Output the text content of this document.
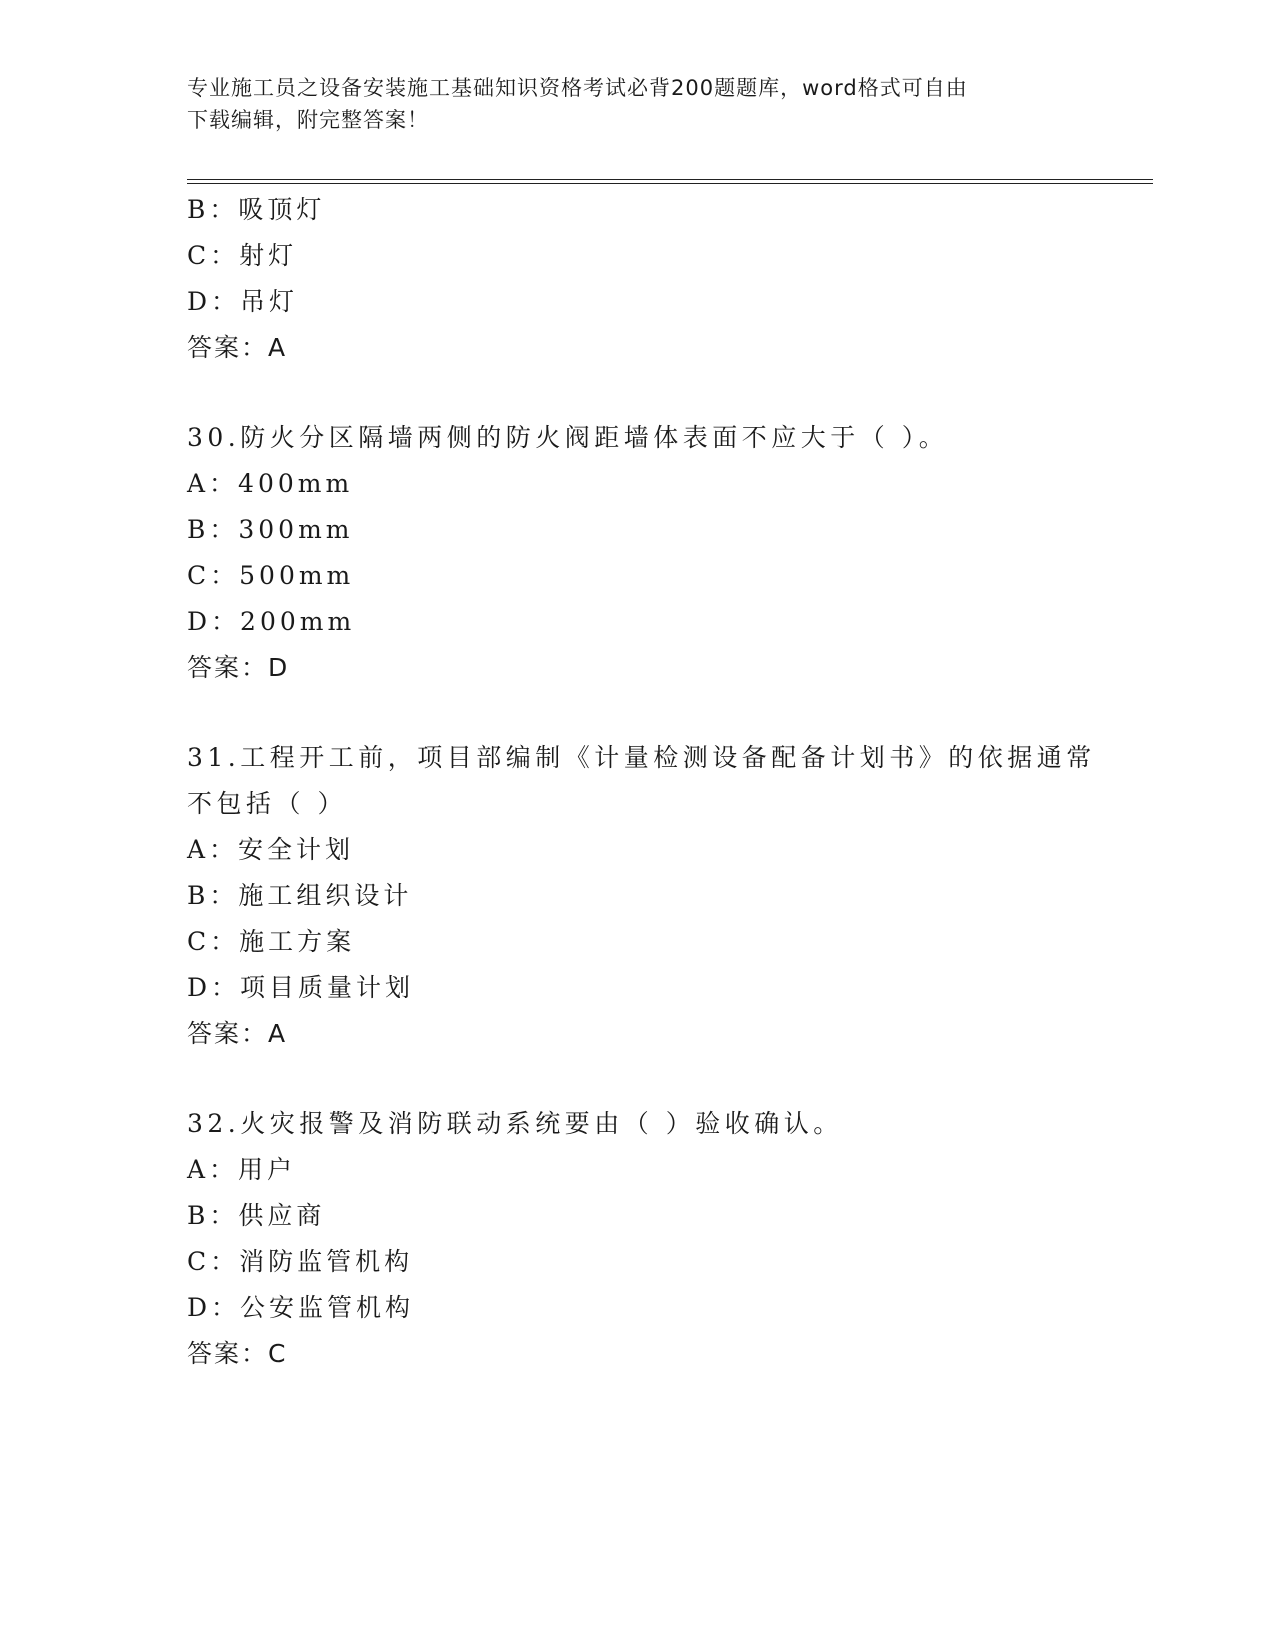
专业施工员之设备安装施工基础知识资格考试必背200题题库，word格式可自由
下载编辑，附完整答案！
B：吸顶灯
C：射灯
D：吊灯
答案：A
30.防火分区隔墙两侧的防火阀距墙体表面不应大于（ ）。
A：400mm
B：300mm
C：500mm
D：200mm
答案：D
31.工程开工前，项目部编制《计量检测设备配备计划书》的依据通常
不包括（ ）
A：安全计划
B：施工组织设计
C：施工方案
D：项目质量计划
答案：A
32.火灾报警及消防联动系统要由（ ）验收确认。
A：用户
B：供应商
C：消防监管机构
D：公安监管机构
答案：C
